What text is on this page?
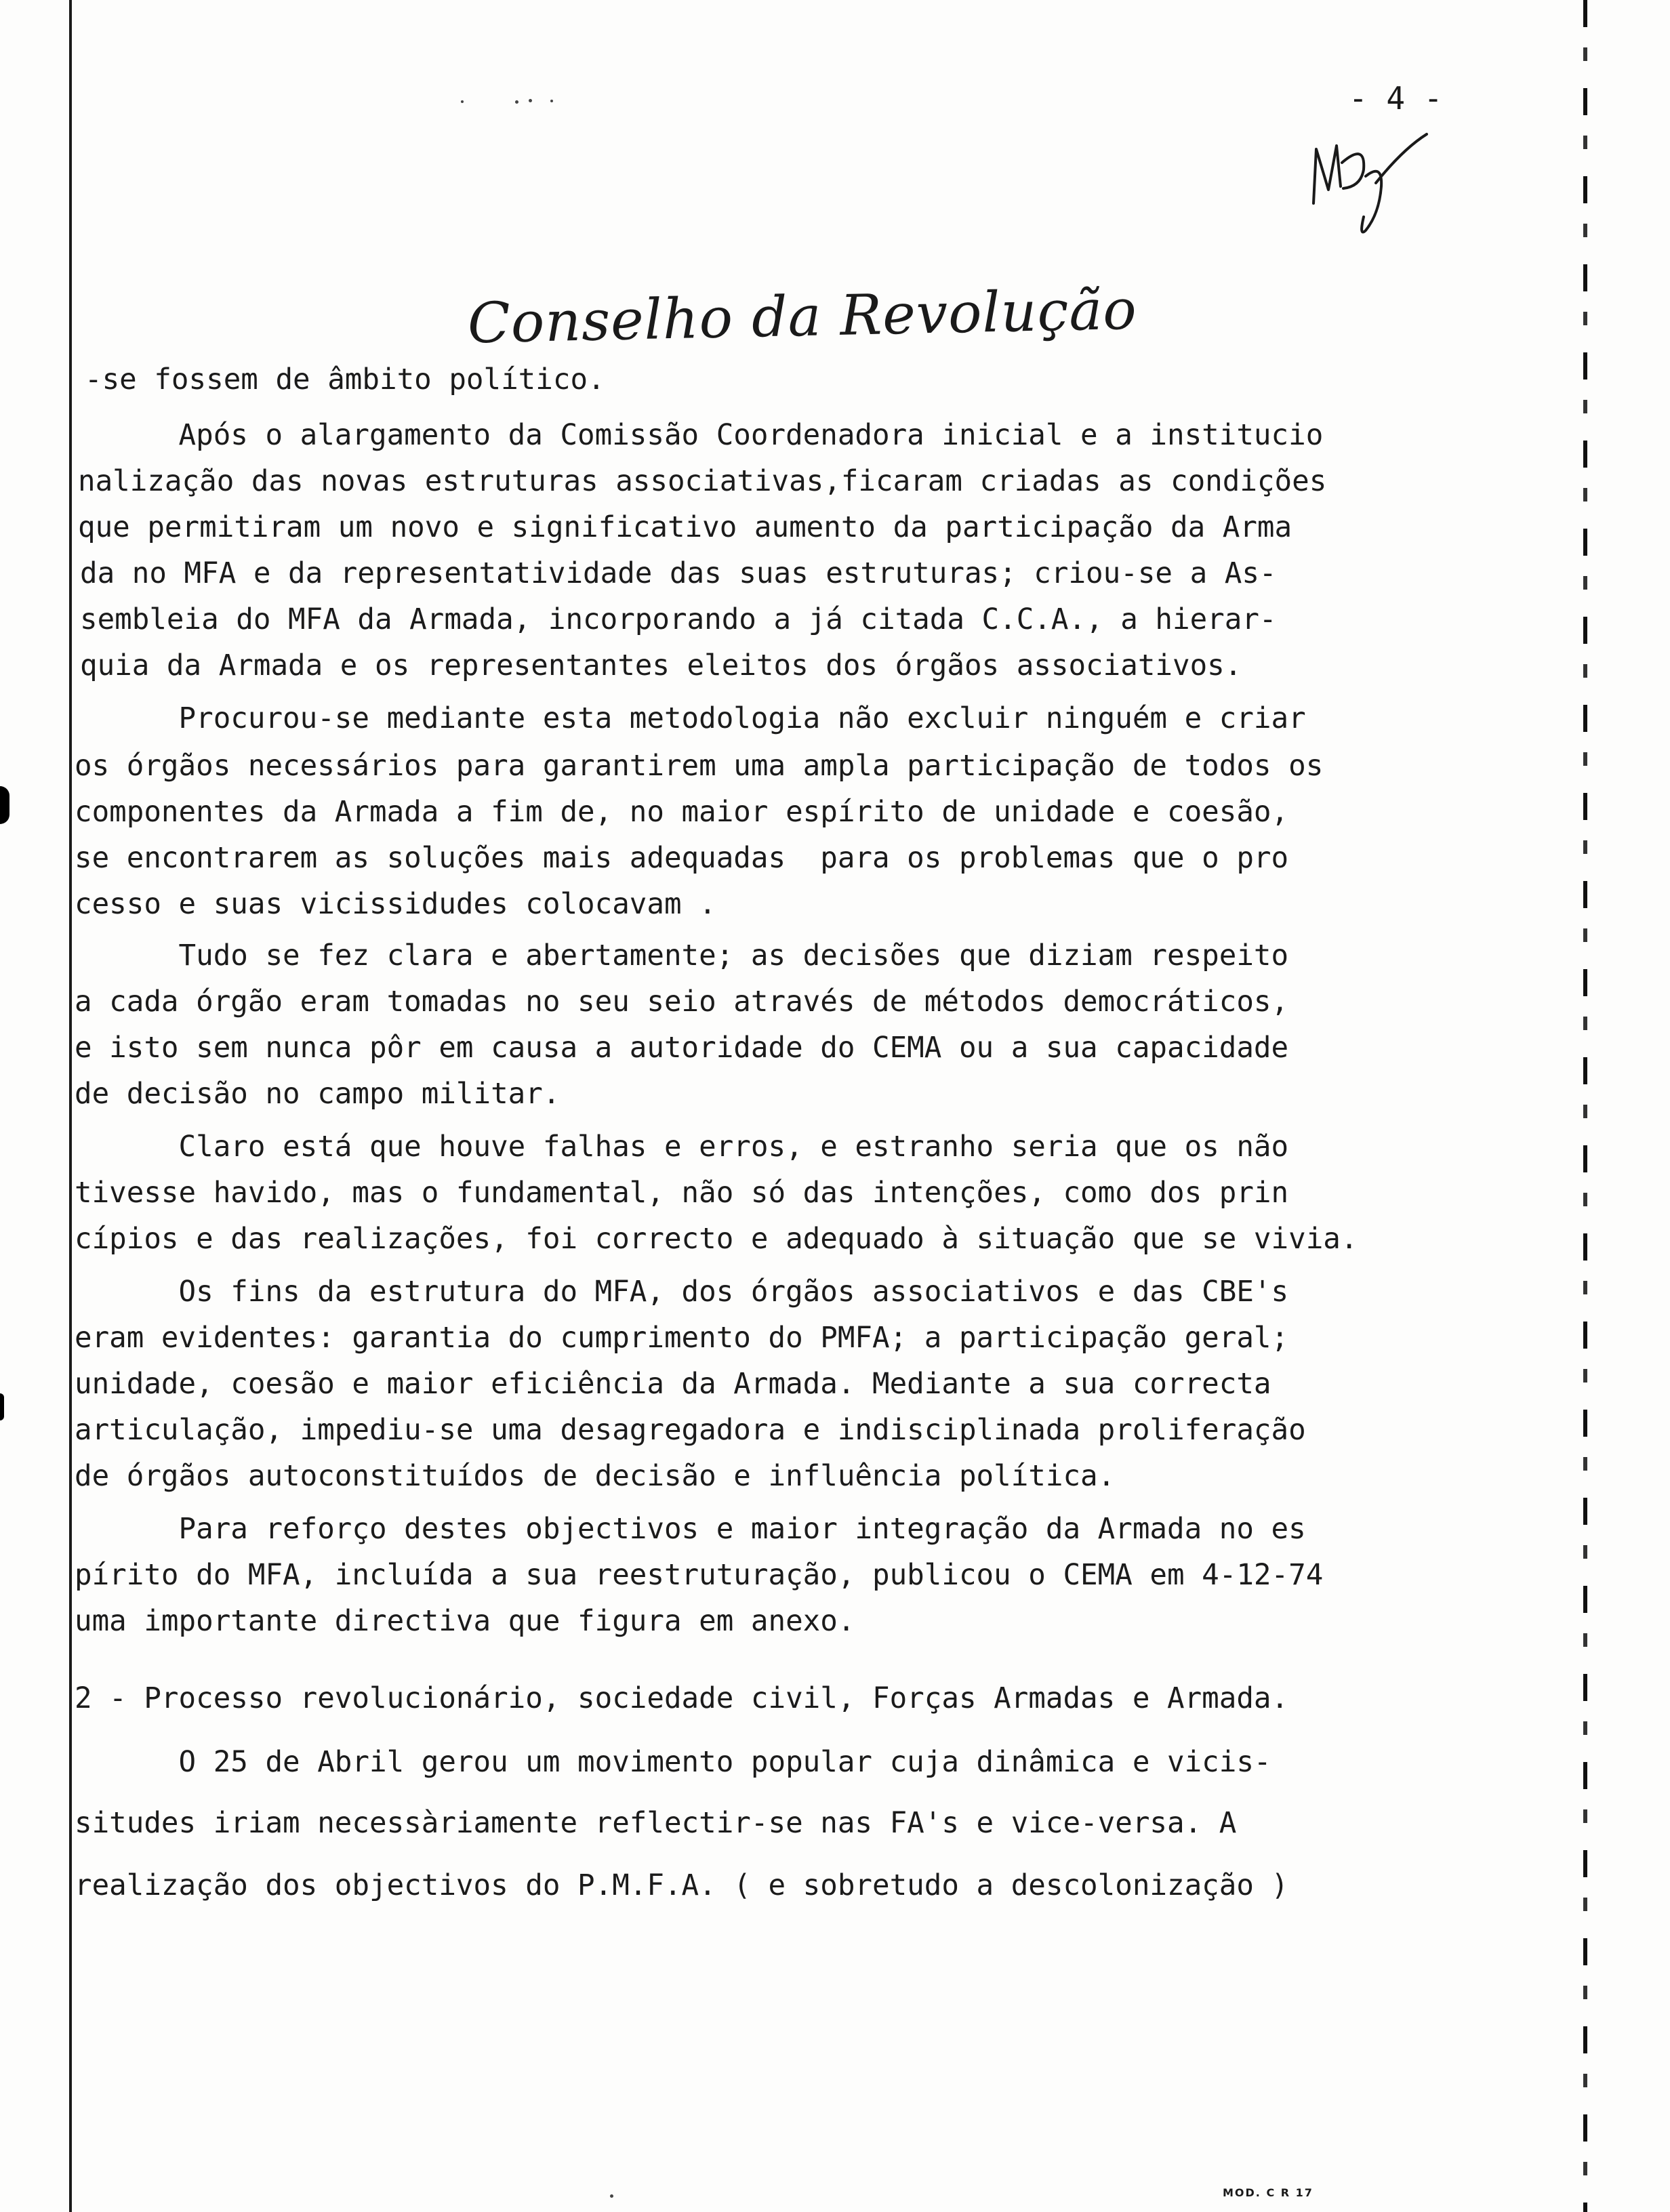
- 4 -
Conselho da Revolução
-se fossem de âmbito político.
Após o alargamento da Comissão Coordenadora inicial e a institucio
nalização das novas estruturas associativas,ficaram criadas as condições
que permitiram um novo e significativo aumento da participação da Arma
da no MFA e da representatividade das suas estruturas; criou-se a As-
sembleia do MFA da Armada, incorporando a já citada C.C.A., a hierar-
quia da Armada e os representantes eleitos dos órgãos associativos.
Procurou-se mediante esta metodologia não excluir ninguém e criar
os órgãos necessários para garantirem uma ampla participação de todos os
componentes da Armada a fim de, no maior espírito de unidade e coesão,
se encontrarem as soluções mais adequadas  para os problemas que o pro
cesso e suas vicissidudes colocavam .
Tudo se fez clara e abertamente; as decisões que diziam respeito
a cada órgão eram tomadas no seu seio através de métodos democráticos,
e isto sem nunca pôr em causa a autoridade do CEMA ou a sua capacidade
de decisão no campo militar.
Claro está que houve falhas e erros, e estranho seria que os não
tivesse havido, mas o fundamental, não só das intenções, como dos prin
cípios e das realizações, foi correcto e adequado à situação que se vivia.
Os fins da estrutura do MFA, dos órgãos associativos e das CBE's
eram evidentes: garantia do cumprimento do PMFA; a participação geral;
unidade, coesão e maior eficiência da Armada. Mediante a sua correcta
articulação, impediu-se uma desagregadora e indisciplinada proliferação
de órgãos autoconstituídos de decisão e influência política.
Para reforço destes objectivos e maior integração da Armada no es
pírito do MFA, incluída a sua reestruturação, publicou o CEMA em 4-12-74
uma importante directiva que figura em anexo.
2 - Processo revolucionário, sociedade civil, Forças Armadas e Armada.
O 25 de Abril gerou um movimento popular cuja dinâmica e vicis-
situdes iriam necessàriamente reflectir-se nas FA's e vice-versa. A
realização dos objectivos do P.M.F.A. ( e sobretudo a descolonização )
MOD. C R 17
